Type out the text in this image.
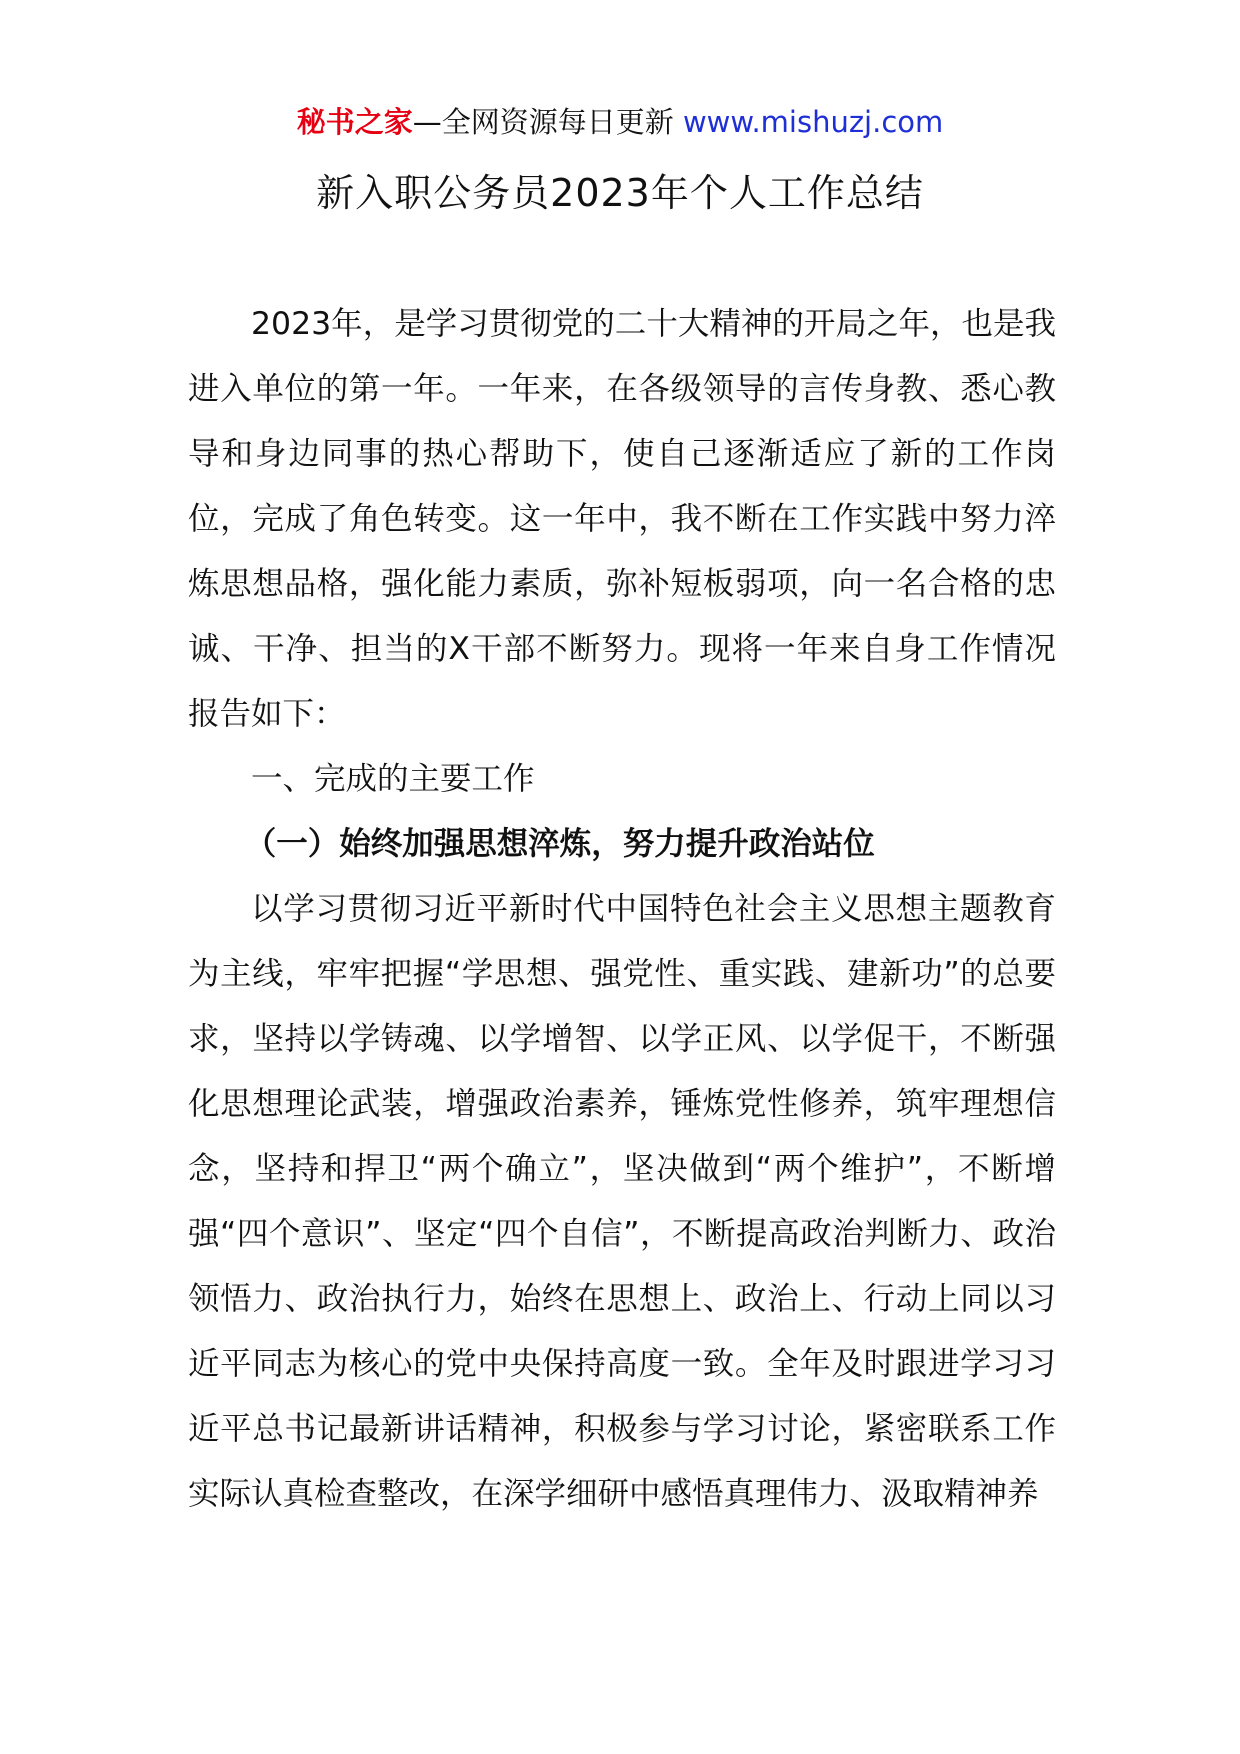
秘书之家—全网资源每日更新 www.mishuzj.com
新入职公务员2023年个人工作总结

2023年，是学习贯彻党的二十大精神的开局之年，也是我进入单位的第一年。一年来，在各级领导的言传身教、悉心教导和身边同事的热心帮助下，使自己逐渐适应了新的工作岗位，完成了角色转变。这一年中，我不断在工作实践中努力淬炼思想品格，强化能力素质，弥补短板弱项，向一名合格的忠诚、干净、担当的X干部不断努力。现将一年来自身工作情况报告如下：

一、完成的主要工作

（一）始终加强思想淬炼，努力提升政治站位

以学习贯彻习近平新时代中国特色社会主义思想主题教育为主线，牢牢把握“学思想、强党性、重实践、建新功”的总要求，坚持以学铸魂、以学增智、以学正风、以学促干，不断强化思想理论武装，增强政治素养，锤炼党性修养，筑牢理想信念，坚持和捍卫“两个确立”，坚决做到“两个维护”，不断增强“四个意识”、坚定“四个自信”，不断提高政治判断力、政治领悟力、政治执行力，始终在思想上、政治上、行动上同以习近平同志为核心的党中央保持高度一致。全年及时跟进学习习近平总书记最新讲话精神，积极参与学习讨论，紧密联系工作实际认真检查整改，在深学细研中感悟真理伟力、汲取精神养
